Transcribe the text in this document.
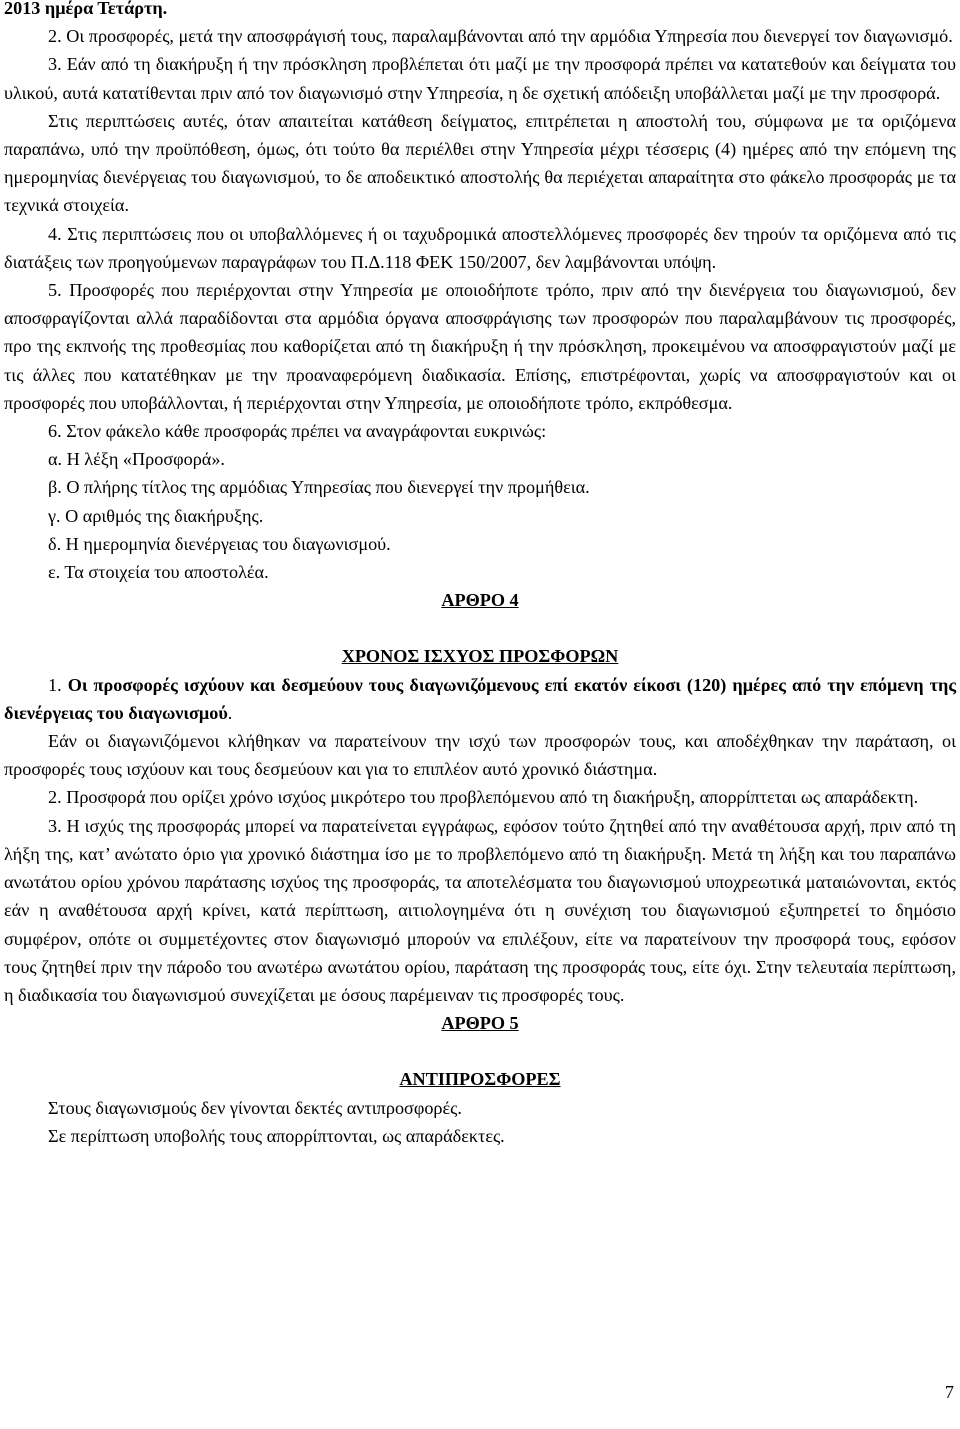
2013 ημέρα Τετάρτη.

2. Οι προσφορές, μετά την αποσφράγισή τους, παραλαμβάνονται από την αρμόδια Υπηρεσία που διενεργεί τον διαγωνισμό.

3. Εάν από τη διακήρυξη ή την πρόσκληση προβλέπεται ότι μαζί με την προσφορά πρέπει να κατατεθούν και δείγματα του υλικού, αυτά κατατίθενται πριν από τον διαγωνισμό στην Υπηρεσία, η δε σχετική απόδειξη υποβάλλεται μαζί με την προσφορά.

Στις περιπτώσεις αυτές, όταν απαιτείται κατάθεση δείγματος, επιτρέπεται η αποστολή του, σύμφωνα με τα οριζόμενα παραπάνω, υπό την προϋπόθεση, όμως, ότι τούτο θα περιέλθει στην Υπηρεσία μέχρι τέσσερις (4) ημέρες από την επόμενη της ημερομηνίας διενέργειας του διαγωνισμού, το δε αποδεικτικό αποστολής θα περιέχεται απαραίτητα στο φάκελο προσφοράς με τα τεχνικά στοιχεία.

4. Στις περιπτώσεις που οι υποβαλλόμενες ή οι ταχυδρομικά αποστελλόμενες προσφορές δεν τηρούν τα οριζόμενα από τις διατάξεις των προηγούμενων παραγράφων του Π.Δ.118 ΦΕΚ 150/2007, δεν λαμβάνονται υπόψη.

5. Προσφορές που περιέρχονται στην Υπηρεσία με οποιοδήποτε τρόπο, πριν από την διενέργεια του διαγωνισμού, δεν αποσφραγίζονται αλλά παραδίδονται στα αρμόδια όργανα αποσφράγισης των προσφορών που παραλαμβάνουν τις προσφορές, προ της εκπνοής της προθεσμίας που καθορίζεται από τη διακήρυξη ή την πρόσκληση, προκειμένου να αποσφραγιστούν μαζί με τις άλλες που κατατέθηκαν με την προαναφερόμενη διαδικασία. Επίσης, επιστρέφονται, χωρίς να αποσφραγιστούν και οι προσφορές που υποβάλλονται, ή περιέρχονται στην Υπηρεσία, με οποιοδήποτε τρόπο, εκπρόθεσμα.

6. Στον φάκελο κάθε προσφοράς πρέπει να αναγράφονται ευκρινώς:

α. Η λέξη «Προσφορά».

β. Ο πλήρης τίτλος της αρμόδιας Υπηρεσίας που διενεργεί την προμήθεια.

γ. Ο αριθμός της διακήρυξης.

δ. Η ημερομηνία διενέργειας του διαγωνισμού.

ε. Τα στοιχεία του αποστολέα.

ΑΡΘΡΟ 4

ΧΡΟΝΟΣ ΙΣΧΥΟΣ ΠΡΟΣΦΟΡΩΝ

1. Οι προσφορές ισχύουν και δεσμεύουν τους διαγωνιζόμενους επί εκατόν είκοσι (120) ημέρες από την επόμενη της διενέργειας του διαγωνισμού.

Εάν οι διαγωνιζόμενοι κλήθηκαν να παρατείνουν την ισχύ των προσφορών τους, και αποδέχθηκαν την παράταση, οι προσφορές τους ισχύουν και τους δεσμεύουν και για το επιπλέον αυτό χρονικό διάστημα.

2. Προσφορά που ορίζει χρόνο ισχύος μικρότερο του προβλεπόμενου από τη διακήρυξη, απορρίπτεται ως απαράδεκτη.

3. Η ισχύς της προσφοράς μπορεί να παρατείνεται εγγράφως, εφόσον τούτο ζητηθεί από την αναθέτουσα αρχή, πριν από τη λήξη της, κατ’ ανώτατο όριο για χρονικό διάστημα ίσο με το προβλεπόμενο από τη διακήρυξη. Μετά τη λήξη και του παραπάνω ανωτάτου ορίου χρόνου παράτασης ισχύος της προσφοράς, τα αποτελέσματα του διαγωνισμού υποχρεωτικά ματαιώνονται, εκτός εάν η αναθέτουσα αρχή κρίνει, κατά περίπτωση, αιτιολογημένα ότι η συνέχιση του διαγωνισμού εξυπηρετεί το δημόσιο συμφέρον, οπότε οι συμμετέχοντες στον διαγωνισμό μπορούν να επιλέξουν, είτε να παρατείνουν την προσφορά τους, εφόσον τους ζητηθεί πριν την πάροδο του ανωτέρω ανωτάτου ορίου, παράταση της προσφοράς τους, είτε όχι. Στην τελευταία περίπτωση, η διαδικασία του διαγωνισμού συνεχίζεται με όσους παρέμειναν τις προσφορές τους.

ΑΡΘΡΟ 5

ΑΝΤΙΠΡΟΣΦΟΡΕΣ

Στους διαγωνισμούς δεν γίνονται δεκτές αντιπροσφορές.

Σε περίπτωση υποβολής τους απορρίπτονται, ως απαράδεκτες.

7
